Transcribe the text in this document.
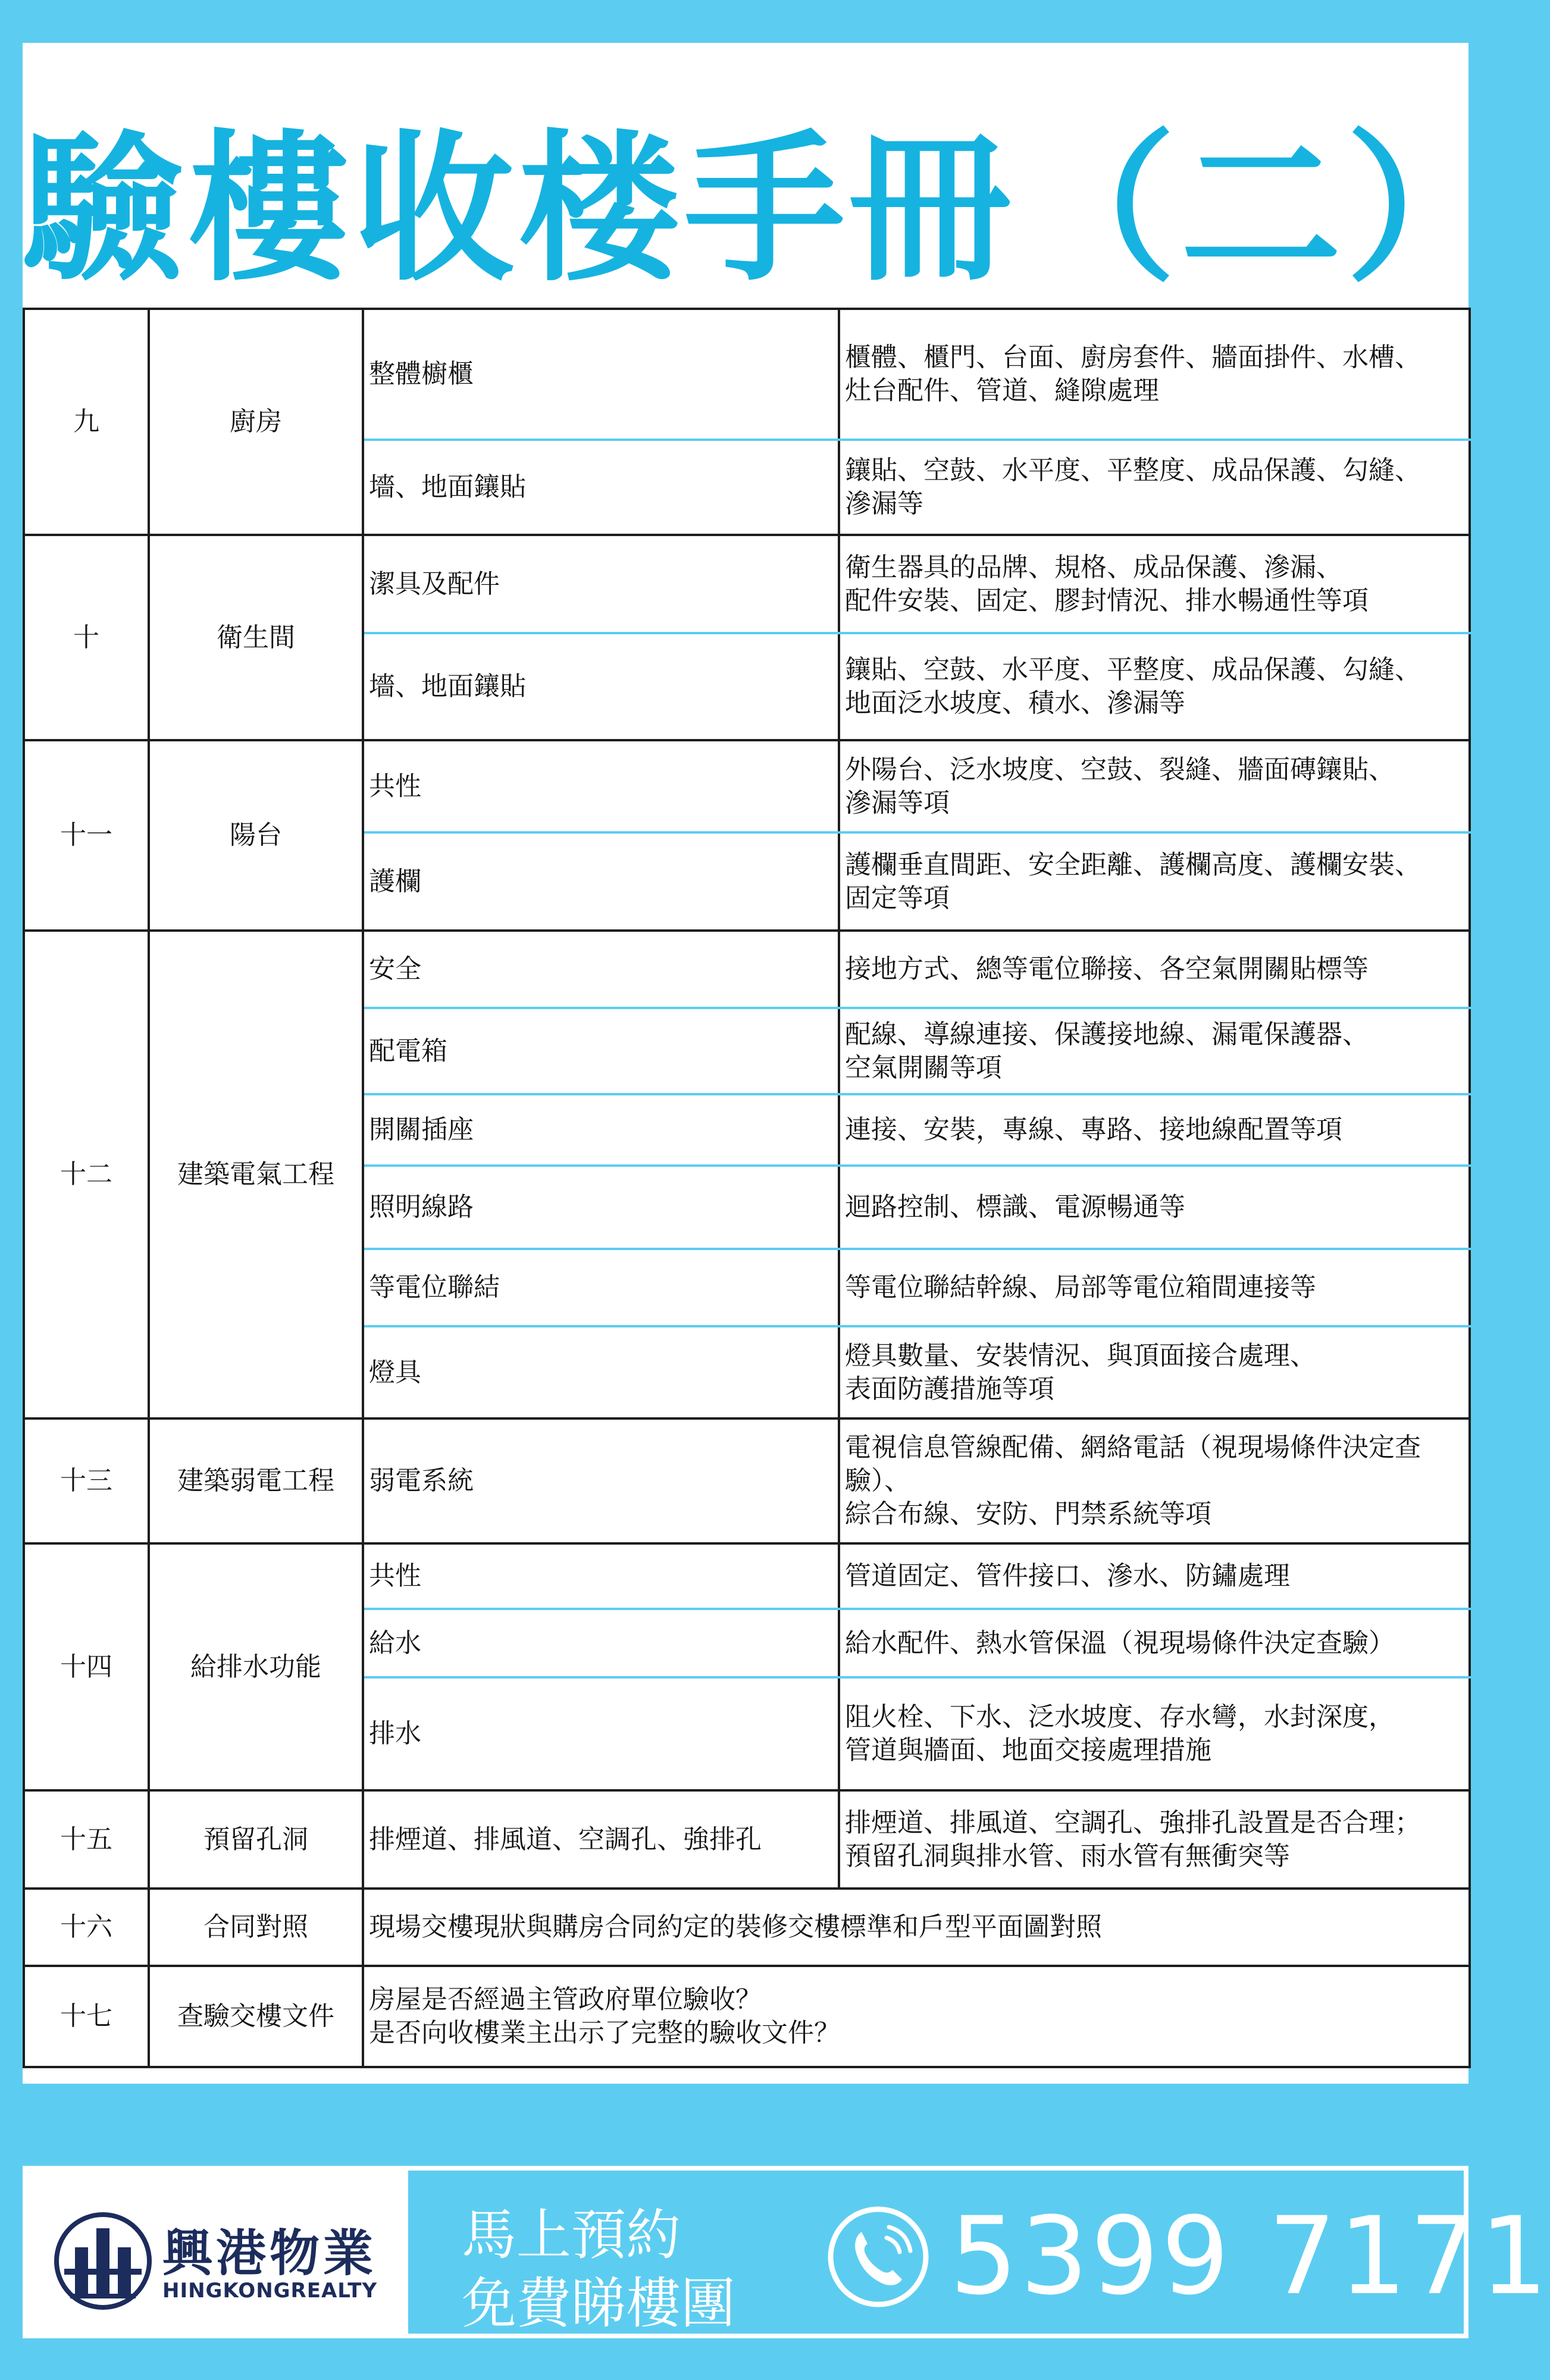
驗樓收楼手冊（二）
九	廚房	整體櫥櫃	櫃體、櫃門、台面、廚房套件、牆面掛件、水槽、
灶台配件、管道、縫隙處理
		墻、地面鑲貼	鑲貼、空鼓、水平度、平整度、成品保護、勾縫、
滲漏等
十	衛生間	潔具及配件	衛生器具的品牌、規格、成品保護、滲漏、
配件安裝、固定、膠封情況、排水暢通性等項
		墻、地面鑲貼	鑲貼、空鼓、水平度、平整度、成品保護、勾縫、
地面泛水坡度、積水、滲漏等
十一	陽台	共性	外陽台、泛水坡度、空鼓、裂縫、牆面磚鑲貼、
滲漏等項
		護欄	護欄垂直間距、安全距離、護欄高度、護欄安裝、
固定等項
十二	建築電氣工程	安全	接地方式、總等電位聯接、各空氣開關貼標等
		配電箱	配線、導線連接、保護接地線、漏電保護器、
空氣開關等項
		開關插座	連接、安裝，專線、專路、接地線配置等項
		照明線路	迴路控制、標識、電源暢通等
		等電位聯結	等電位聯結幹線、局部等電位箱間連接等
		燈具	燈具數量、安裝情況、與頂面接合處理、
表面防護措施等項
十三	建築弱電工程	弱電系統	電視信息管線配備、網絡電話（視現場條件決定查驗）、
綜合布線、安防、門禁系統等項
十四	給排水功能	共性	管道固定、管件接口、滲水、防鏽處理
		給水	給水配件、熱水管保溫（視現場條件決定查驗）
		排水	阻火栓、下水、泛水坡度、存水彎，水封深度，
管道與牆面、地面交接處理措施
十五	預留孔洞	排煙道、排風道、空調孔、強排孔	排煙道、排風道、空調孔、強排孔設置是否合理；
預留孔洞與排水管、雨水管有無衝突等
十六	合同對照	現場交樓現狀與購房合同約定的裝修交樓標準和戶型平面圖對照	
十七	查驗交樓文件	房屋是否經過主管政府單位驗收？
是否向收樓業主出示了完整的驗收文件？	
興港物業
HINGKONGREALTY
馬上預約
免費睇樓團 5399 7171
